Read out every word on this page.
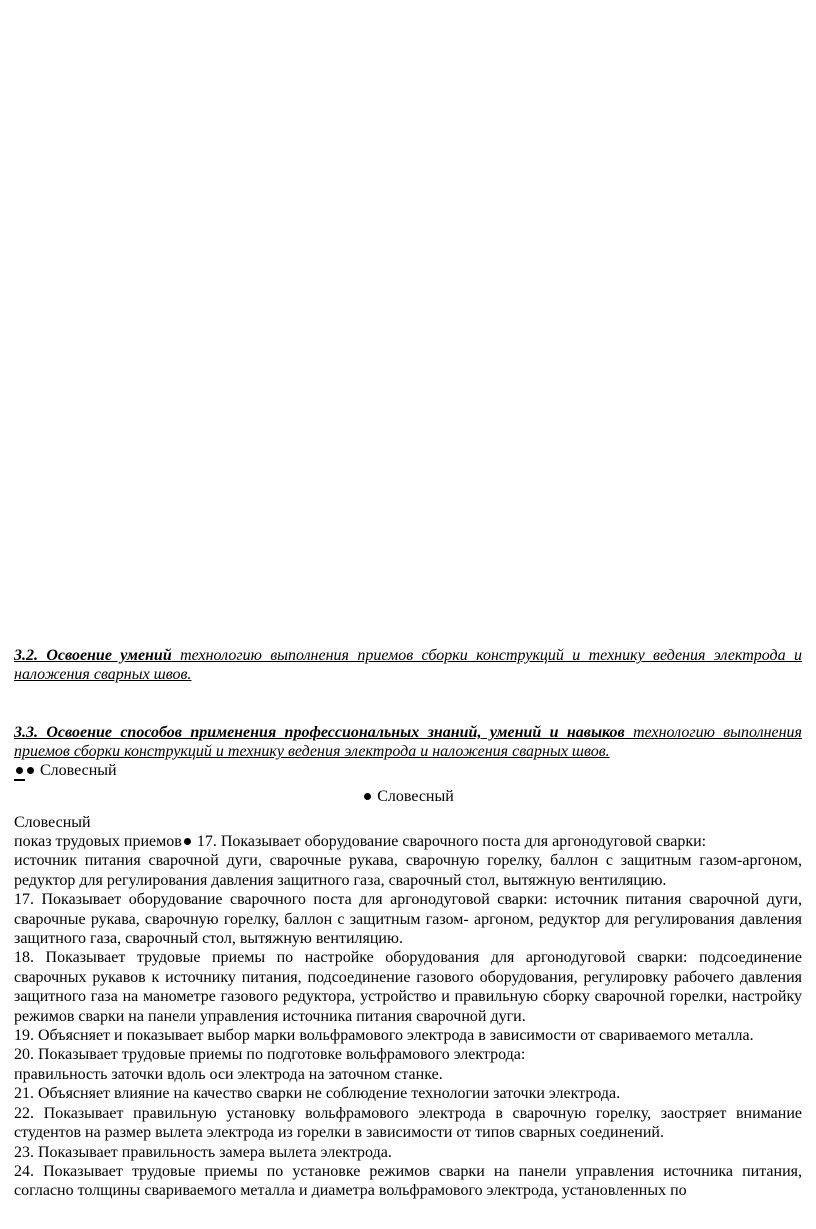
3.2. Освоение умений технологию выполнения приемов сборки конструкций и технику ведения электрода и наложения сварных швов.

3.3. Освоение способов применения профессиональных знаний, умений и навыков технологию выполнения приемов сборки конструкций и технику ведения электрода и наложения сварных швов.

Словесный

Словесный

Словесный

показ трудовых приемов 17. Показывает оборудование сварочного поста для аргонодуговой сварки:

источник питания сварочной дуги, сварочные рукава, сварочную горелку, баллон с защитным газом-аргоном, редуктор для регулирования давления защитного газа, сварочный стол, вытяжную вентиляцию.

17. Показывает оборудование сварочного поста для аргонодуговой сварки: источник питания сварочной дуги, сварочные рукава, сварочную горелку, баллон с защитным газом- аргоном, редуктор для регулирования давления защитного газа, сварочный стол, вытяжную вентиляцию.

18. Показывает трудовые приемы по настройке оборудования для аргонодуговой сварки: подсоединение сварочных рукавов к источнику питания, подсоединение газового оборудования, регулировку рабочего давления защитного газа на манометре газового редуктора, устройство и правильную сборку сварочной горелки, настройку режимов сварки на панели управления источника питания сварочной дуги.

19. Объясняет и показывает выбор марки вольфрамового электрода в зависимости от свариваемого металла.

20. Показывает трудовые приемы по подготовке вольфрамового электрода:

правильность заточки вдоль оси электрода на заточном станке.

21. Объясняет влияние на качество сварки не соблюдение технологии заточки электрода.

22. Показывает правильную установку вольфрамового электрода в сварочную горелку, заостряет внимание студентов на размер вылета электрода из горелки в зависимости от типов сварных соединений.

23. Показывает правильность замера вылета электрода.

24. Показывает трудовые приемы по установке режимов сварки на панели управления источника питания, согласно толщины свариваемого металла и диаметра вольфрамового электрода, установленных по
